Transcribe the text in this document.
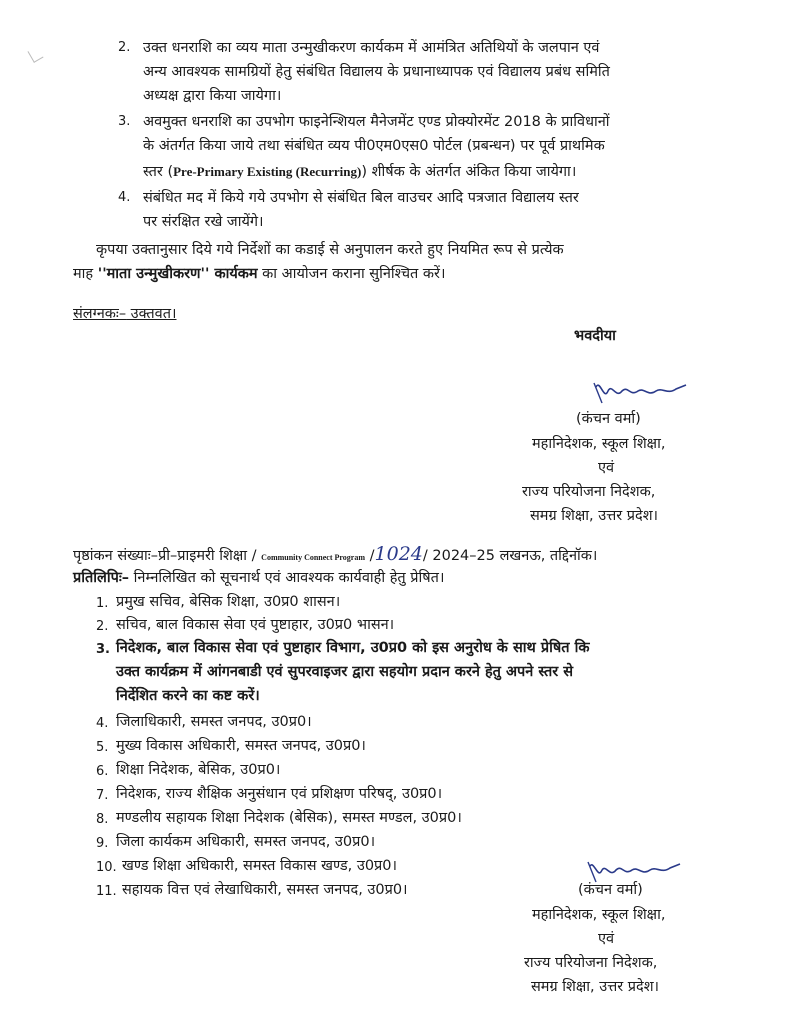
2. उक्त धनराशि का व्यय माता उन्मुखीकरण कार्यकम में आमंत्रित अतिथियों के जलपान एवं
अन्य आवश्यक सामग्रियों हेतु संबंधित विद्यालय के प्रधानाध्यापक एवं विद्यालय प्रबंध समिति
अध्यक्ष द्वारा किया जायेगा।
3. अवमुक्त धनराशि का उपभोग फाइनेन्शियल मैनेजमेंट एण्ड प्रोक्योरमेंट 2018 के प्राविधानों
के अंतर्गत किया जाये तथा संबंधित व्यय पी0एम0एस0 पोर्टल (प्रबन्धन) पर पूर्व प्राथमिक
स्तर (Pre-Primary Existing (Recurring)) शीर्षक के अंतर्गत अंकित किया जायेगा।
4. संबंधित मद में किये गये उपभोग से संबंधित बिल वाउचर आदि पत्रजात विद्यालय स्तर
पर संरक्षित रखे जायेंगे।
कृपया उक्तानुसार दिये गये निर्देशों का कडाई से अनुपालन करते हुए नियमित रूप से प्रत्येक
माह ''माता उन्मुखीकरण'' कार्यकम का आयोजन कराना सुनिश्चित करें।
संलग्नकः– उक्तवत।
भवदीया
(कंचन वर्मा)
महानिदेशक, स्कूल शिक्षा,
एवं
राज्य परियोजना निदेशक,
समग्र शिक्षा, उत्तर प्रदेश।
पृष्ठांकन संख्याः–प्री–प्राइमरी शिक्षा / Community Connect Program /1024/ 2024–25 लखनऊ, तद्दिनॉक।
प्रतिलिपिः– निम्नलिखित को सूचनार्थ एवं आवश्यक कार्यवाही हेतु प्रेषित।
1. प्रमुख सचिव, बेसिक शिक्षा, उ0प्र0 शासन।
2. सचिव, बाल विकास सेवा एवं पुष्टाहार, उ0प्र0 भासन।
3. निदेशक, बाल विकास सेवा एवं पुष्टाहार विभाग, उ0प्र0 को इस अनुरोध के साथ प्रेषित कि
उक्त कार्यक्रम में आंगनबाडी एवं सुपरवाइजर द्वारा सहयोग प्रदान करने हेतु अपने स्तर से
निर्देशित करने का कष्ट करें।
4. जिलाधिकारी, समस्त जनपद, उ0प्र0।
5. मुख्य विकास अधिकारी, समस्त जनपद, उ0प्र0।
6. शिक्षा निदेशक, बेसिक, उ0प्र0।
7. निदेशक, राज्य शैक्षिक अनुसंधान एवं प्रशिक्षण परिषद्, उ0प्र0।
8. मण्डलीय सहायक शिक्षा निदेशक (बेसिक), समस्त मण्डल, उ0प्र0।
9. जिला कार्यकम अधिकारी, समस्त जनपद, उ0प्र0।
10. खण्ड शिक्षा अधिकारी, समस्त विकास खण्ड, उ0प्र0।
11. सहायक वित्त एवं लेखाधिकारी, समस्त जनपद, उ0प्र0।	(कंचन वर्मा)
महानिदेशक, स्कूल शिक्षा,
एवं
राज्य परियोजना निदेशक,
समग्र शिक्षा, उत्तर प्रदेश।
